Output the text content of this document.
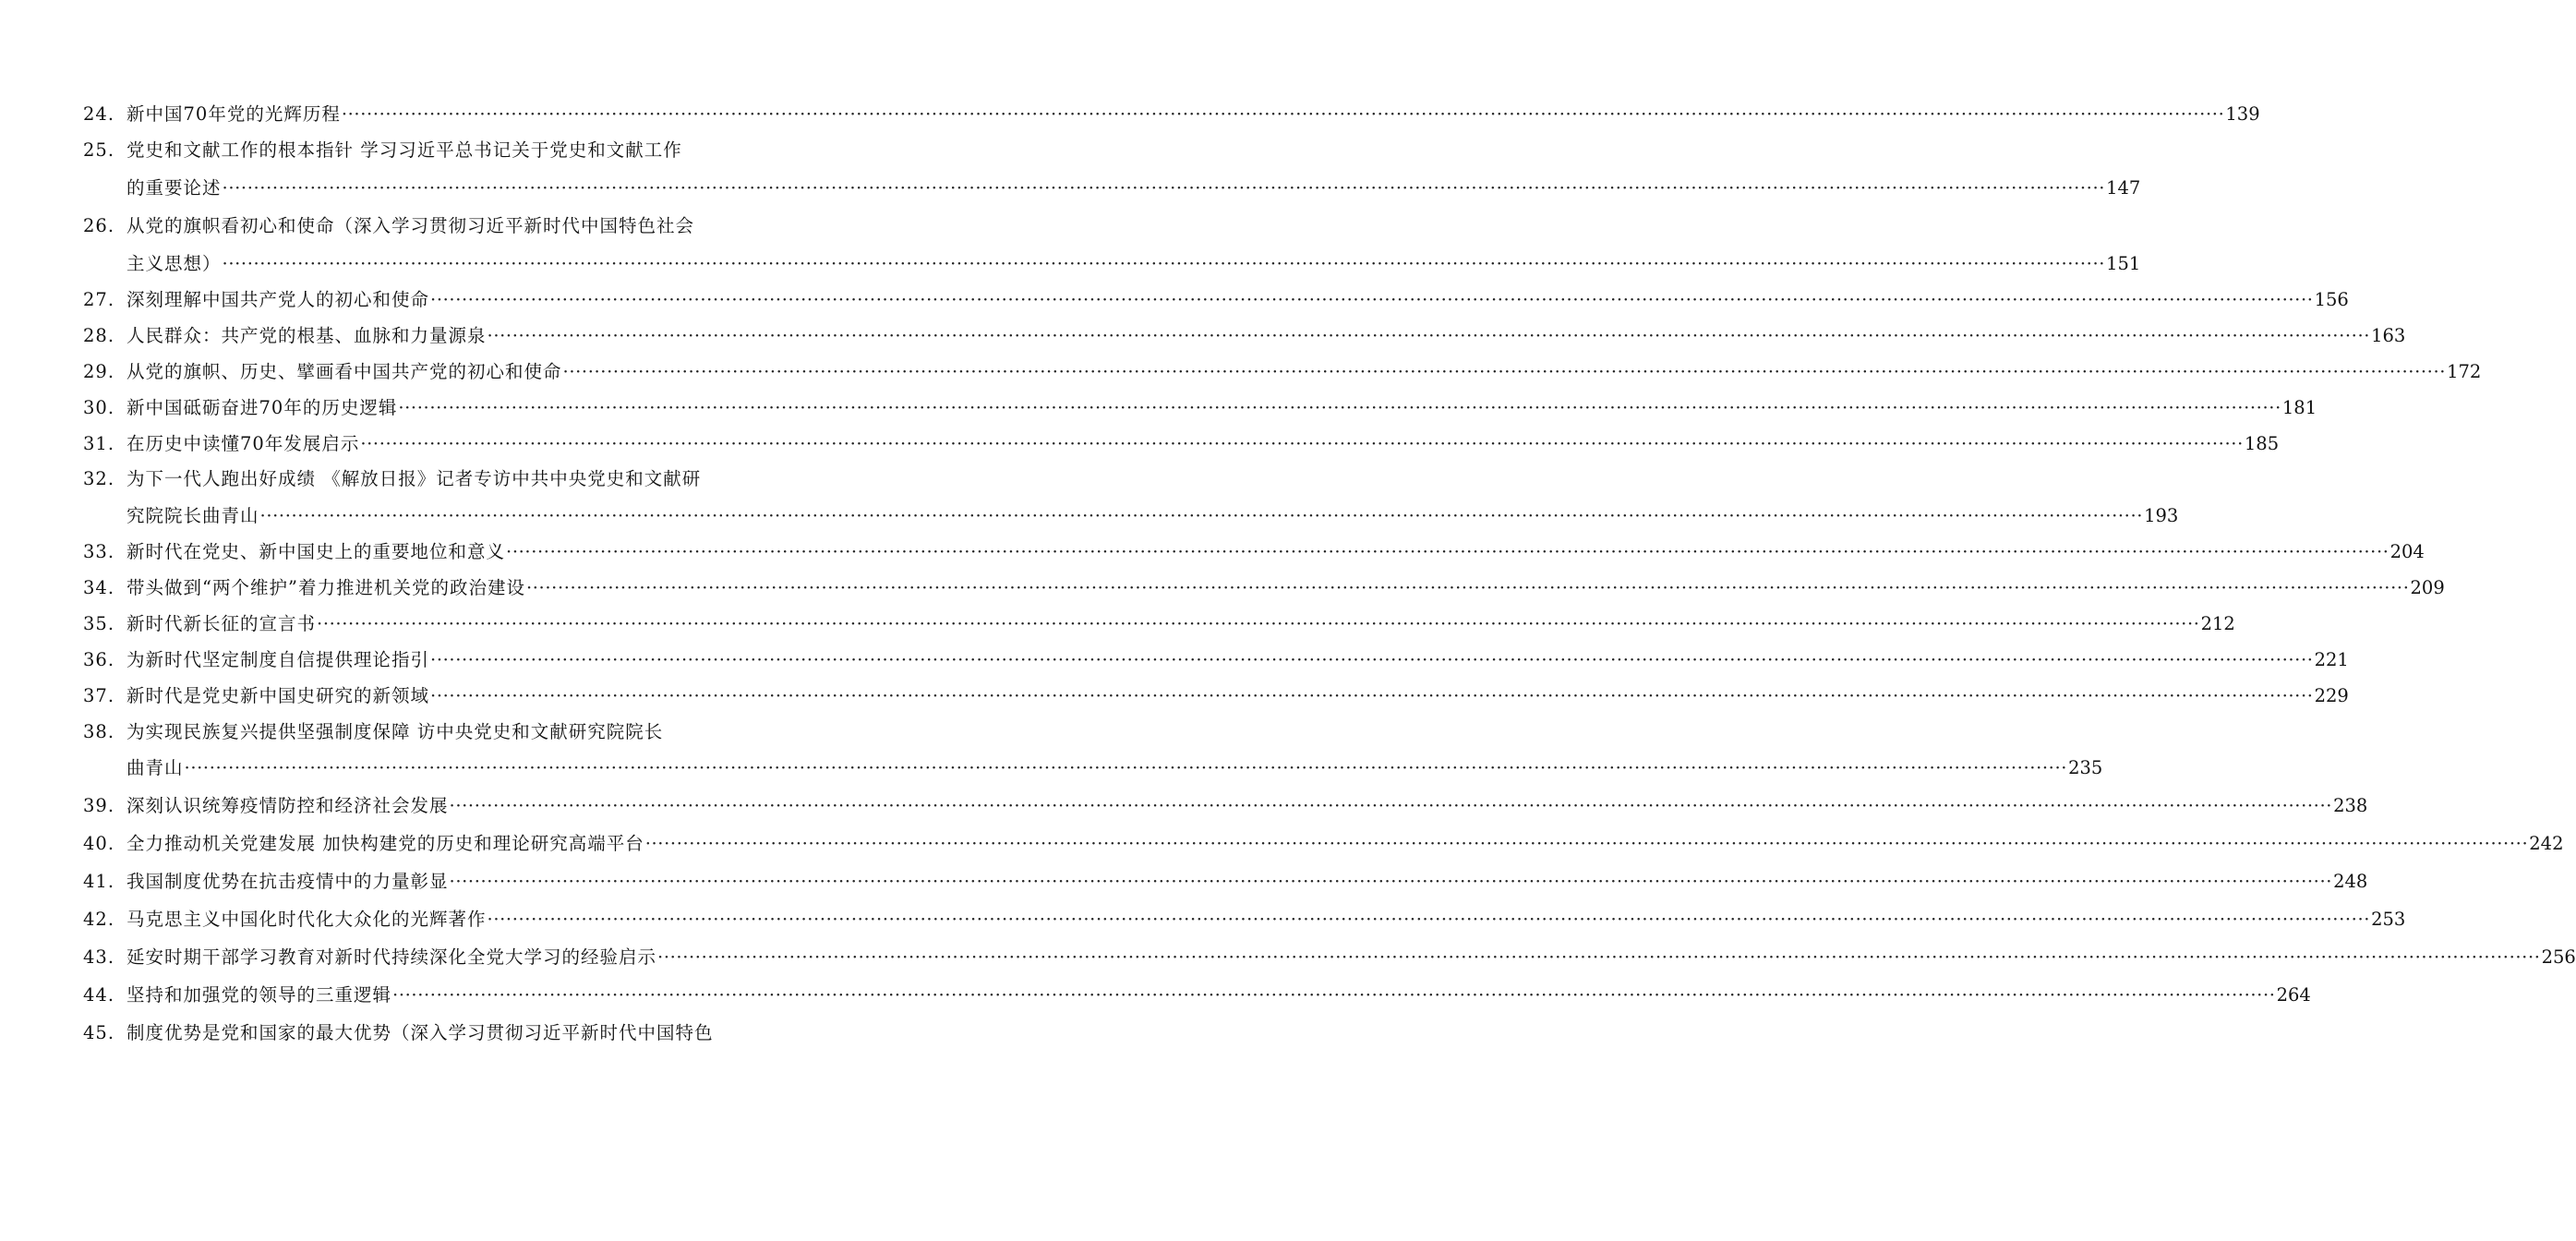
24. 新中国70年党的光辉历程 ············································································································································································································································································································ 139
25. 党史和文献工作的根本指针 学习习近平总书记关于党史和文献工作
的重要论述 ············································································································································································································································································································ 147
26. 从党的旗帜看初心和使命（深入学习贯彻习近平新时代中国特色社会
主义思想） ············································································································································································································································································································ 151
27. 深刻理解中国共产党人的初心和使命 ············································································································································································································································································································ 156
28. 人民群众：共产党的根基、血脉和力量源泉 ············································································································································································································································································································ 163
29. 从党的旗帜、历史、擘画看中国共产党的初心和使命 ············································································································································································································································································································ 172
30. 新中国砥砺奋进70年的历史逻辑 ············································································································································································································································································································ 181
31. 在历史中读懂70年发展启示 ············································································································································································································································································································ 185
32. 为下一代人跑出好成绩 《解放日报》记者专访中共中央党史和文献研
究院院长曲青山 ············································································································································································································································································································ 193
33. 新时代在党史、新中国史上的重要地位和意义 ············································································································································································································································································································ 204
34. 带头做到“两个维护”着力推进机关党的政治建设 ············································································································································································································································································································ 209
35. 新时代新长征的宣言书 ············································································································································································································································································································ 212
36. 为新时代坚定制度自信提供理论指引 ············································································································································································································································································································ 221
37. 新时代是党史新中国史研究的新领域 ············································································································································································································································································································ 229
38. 为实现民族复兴提供坚强制度保障 访中央党史和文献研究院院长
曲青山 ············································································································································································································································································································ 235
39. 深刻认识统筹疫情防控和经济社会发展 ············································································································································································································································································································ 238
40. 全力推动机关党建发展 加快构建党的历史和理论研究高端平台 ············································································································································································································································································································ 242
41. 我国制度优势在抗击疫情中的力量彰显 ············································································································································································································································································································ 248
42. 马克思主义中国化时代化大众化的光辉著作 ············································································································································································································································································································ 253
43. 延安时期干部学习教育对新时代持续深化全党大学习的经验启示 ············································································································································································································································································································ 256
44. 坚持和加强党的领导的三重逻辑 ············································································································································································································································································································ 264
45. 制度优势是党和国家的最大优势（深入学习贯彻习近平新时代中国特色
